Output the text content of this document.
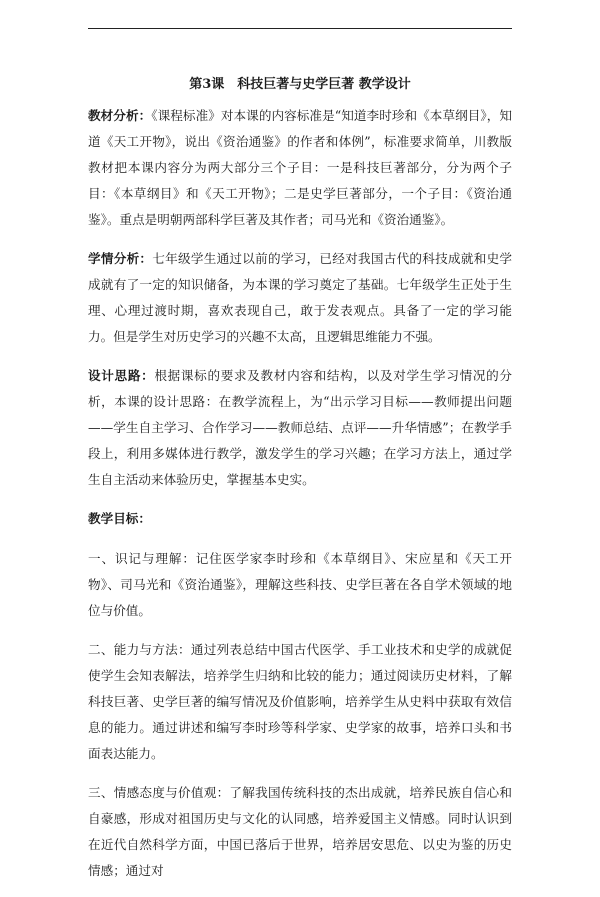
第3课　科技巨著与史学巨著 教学设计

教材分析：《课程标准》对本课的内容标准是“知道李时珍和《本草纲目》，知道《天工开物》，说出《资治通鉴》的作者和体例”，标准要求简单，川教版教材把本课内容分为两大部分三个子目：一是科技巨著部分，分为两个子目：《本草纲目》和《天工开物》；二是史学巨著部分，一个子目：《资治通鉴》。重点是明朝两部科学巨著及其作者；司马光和《资治通鉴》。

学情分析：七年级学生通过以前的学习，已经对我国古代的科技成就和史学成就有了一定的知识储备，为本课的学习奠定了基础。七年级学生正处于生理、心理过渡时期，喜欢表现自己，敢于发表观点。具备了一定的学习能力。但是学生对历史学习的兴趣不太高，且逻辑思维能力不强。

设计思路：根据课标的要求及教材内容和结构，以及对学生学习情况的分析，本课的设计思路：在教学流程上，为“出示学习目标——教师提出问题——学生自主学习、合作学习——教师总结、点评——升华情感”；在教学手段上，利用多媒体进行教学，激发学生的学习兴趣；在学习方法上，通过学生自主活动来体验历史，掌握基本史实。

教学目标：

一、识记与理解：记住医学家李时珍和《本草纲目》、宋应星和《天工开物》、司马光和《资治通鉴》，理解这些科技、史学巨著在各自学术领域的地位与价值。

二、能力与方法：通过列表总结中国古代医学、手工业技术和史学的成就促使学生会知表解法，培养学生归纳和比较的能力；通过阅读历史材料，了解科技巨著、史学巨著的编写情况及价值影响，培养学生从史料中获取有效信息的能力。通过讲述和编写李时珍等科学家、史学家的故事，培养口头和书面表达能力。

三、情感态度与价值观：了解我国传统科技的杰出成就，培养民族自信心和自豪感，形成对祖国历史与文化的认同感，培养爱国主义情感。同时认识到在近代自然科学方面，中国已落后于世界，培养居安思危、以史为鉴的历史情感；通过对
